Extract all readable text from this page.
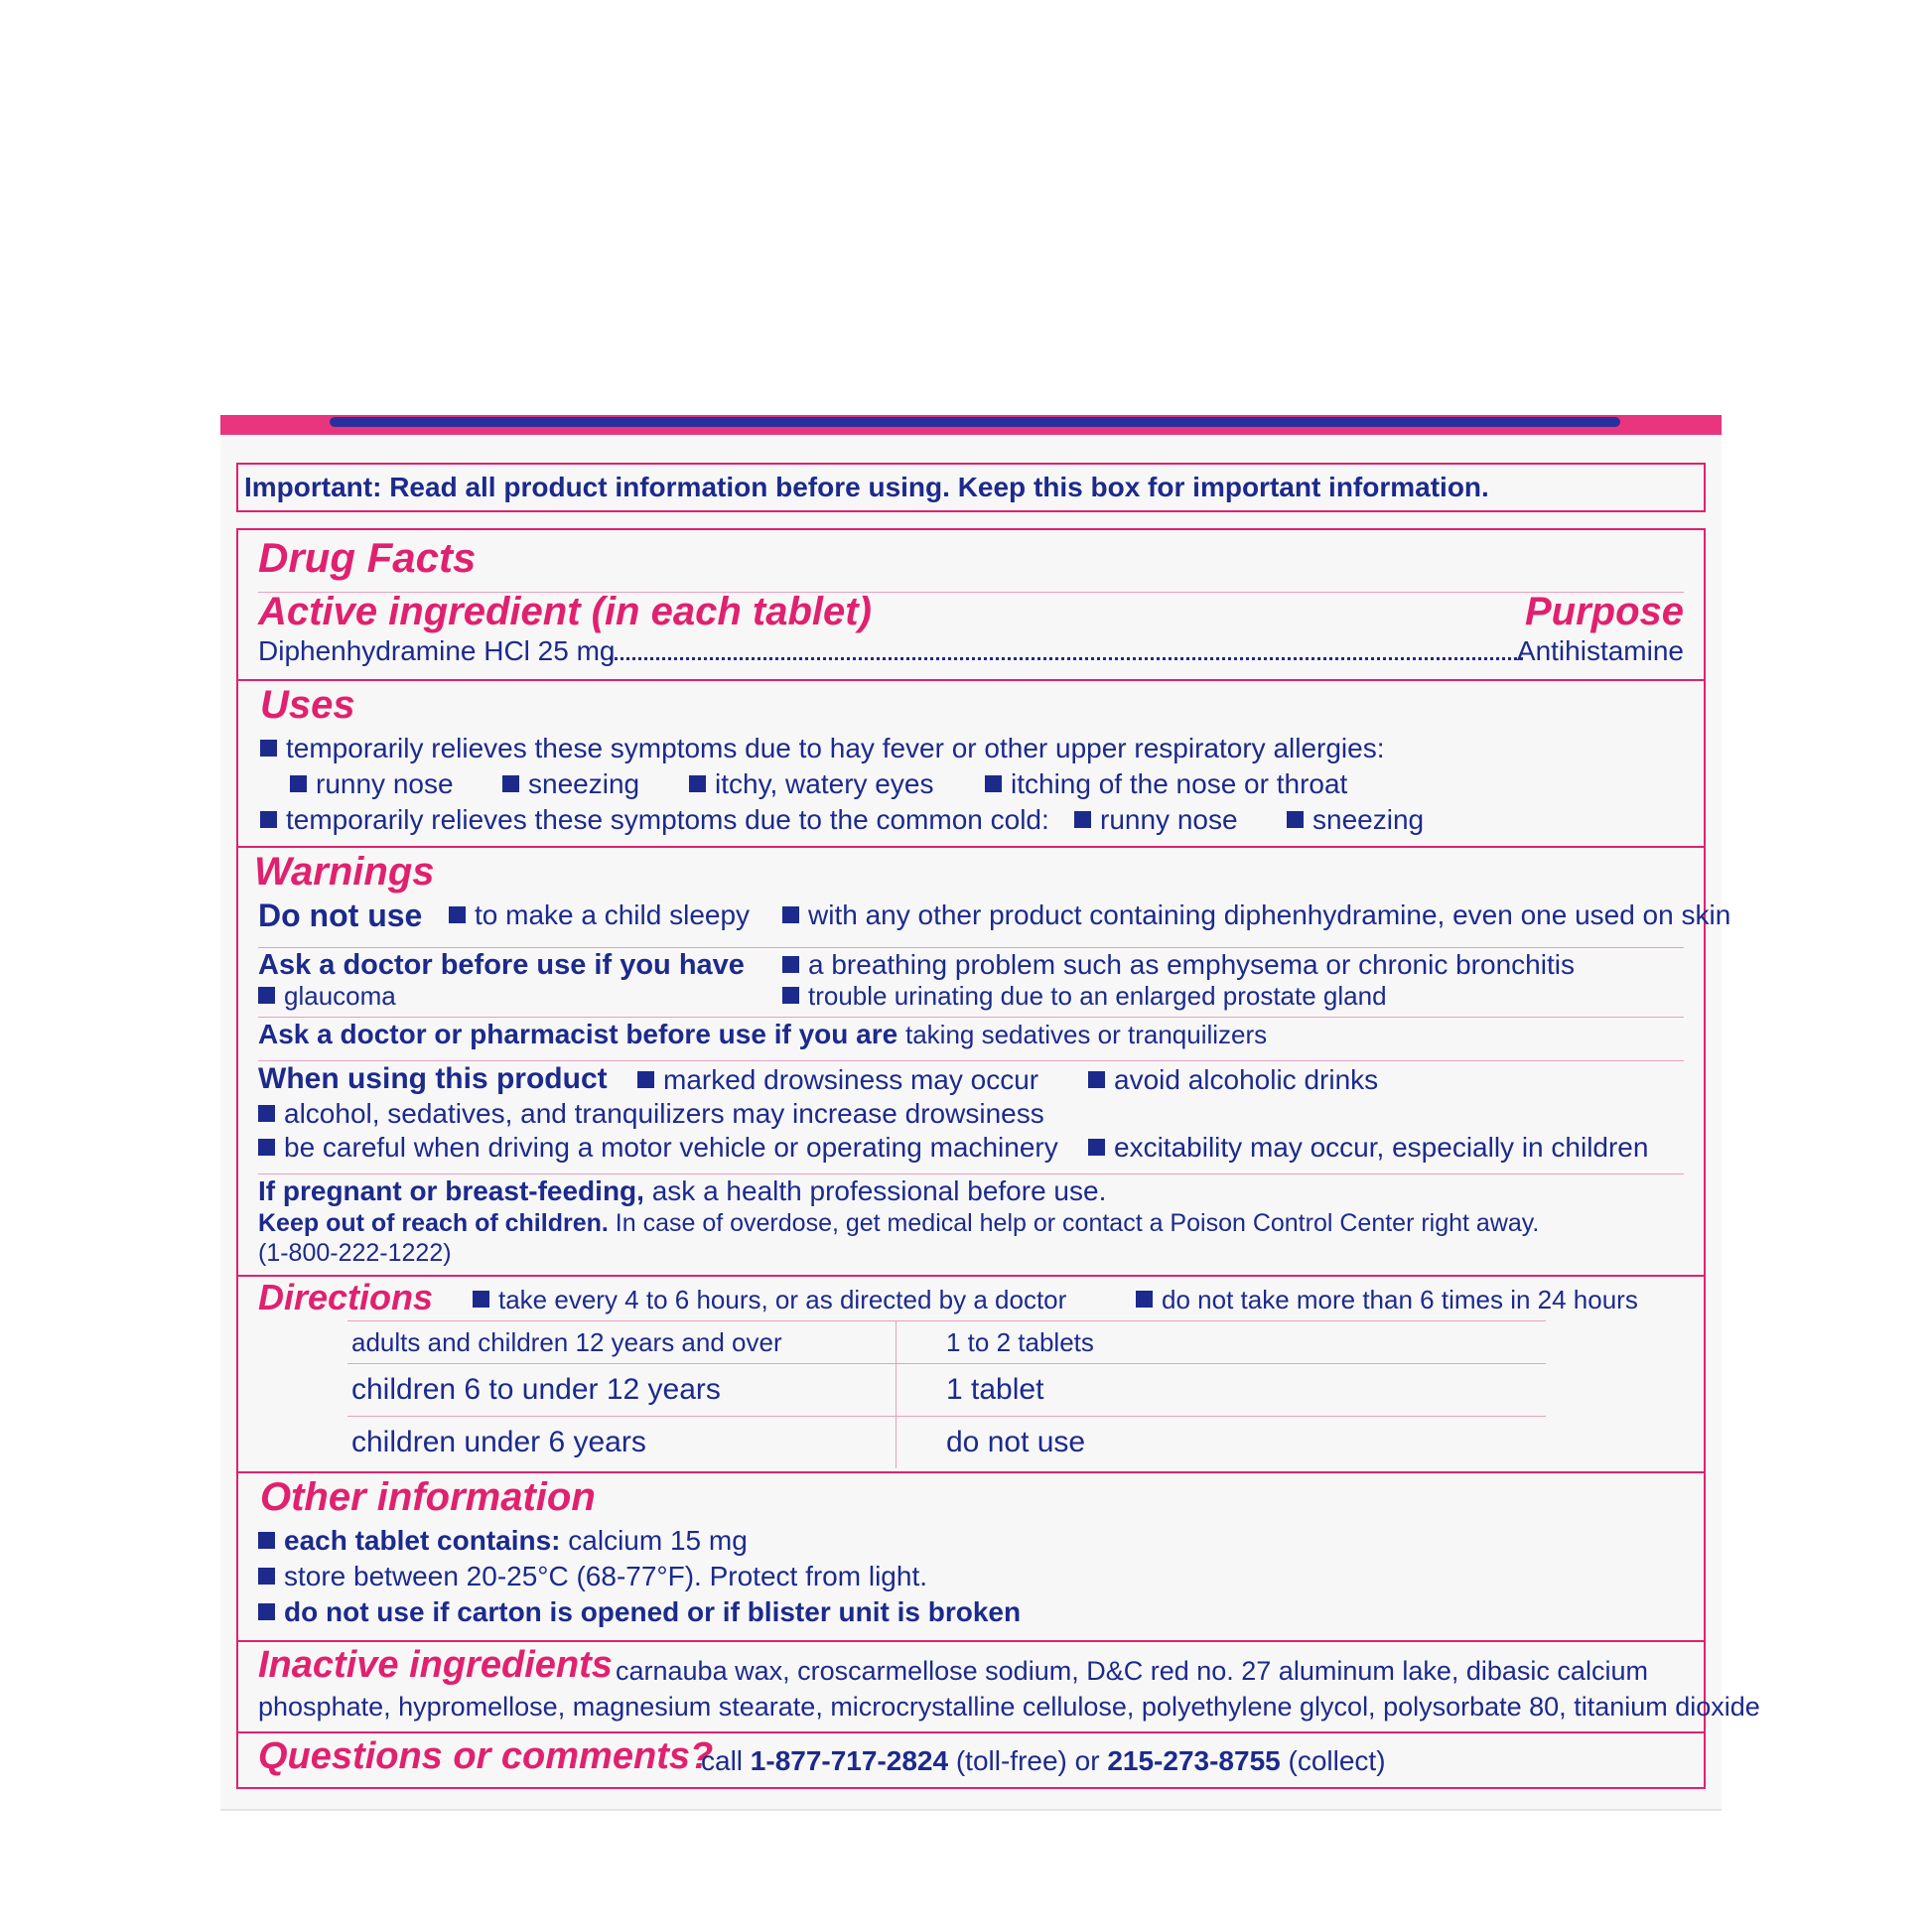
Important: Read all product information before using. Keep this box for important information.
Drug Facts
Active ingredient (in each tablet)	Purpose
Diphenhydramine HCl 25 mg	Antihistamine
Uses
temporarily relieves these symptoms due to hay fever or other upper respiratory allergies:
runny nose	sneezing	itchy, watery eyes	itching of the nose or throat
temporarily relieves these symptoms due to the common cold:	runny nose	sneezing
Warnings
Do not use	to make a child sleepy	with any other product containing diphenhydramine, even one used on skin
Ask a doctor before use if you have	a breathing problem such as emphysema or chronic bronchitis
glaucoma	trouble urinating due to an enlarged prostate gland
Ask a doctor or pharmacist before use if you are taking sedatives or tranquilizers
When using this product	marked drowsiness may occur	avoid alcoholic drinks
alcohol, sedatives, and tranquilizers may increase drowsiness
be careful when driving a motor vehicle or operating machinery	excitability may occur, especially in children
If pregnant or breast-feeding, ask a health professional before use.
Keep out of reach of children. In case of overdose, get medical help or contact a Poison Control Center right away.
(1-800-222-1222)
Directions	take every 4 to 6 hours, or as directed by a doctor	do not take more than 6 times in 24 hours
adults and children 12 years and over	1 to 2 tablets
children 6 to under 12 years	1 tablet
children under 6 years	do not use
Other information
each tablet contains: calcium 15 mg
store between 20-25°C (68-77°F). Protect from light.
do not use if carton is opened or if blister unit is broken
Inactive ingredients carnauba wax, croscarmellose sodium, D&C red no. 27 aluminum lake, dibasic calcium
phosphate, hypromellose, magnesium stearate, microcrystalline cellulose, polyethylene glycol, polysorbate 80, titanium dioxide
Questions or comments?
call 1-877-717-2824 (toll-free) or 215-273-8755 (collect)
